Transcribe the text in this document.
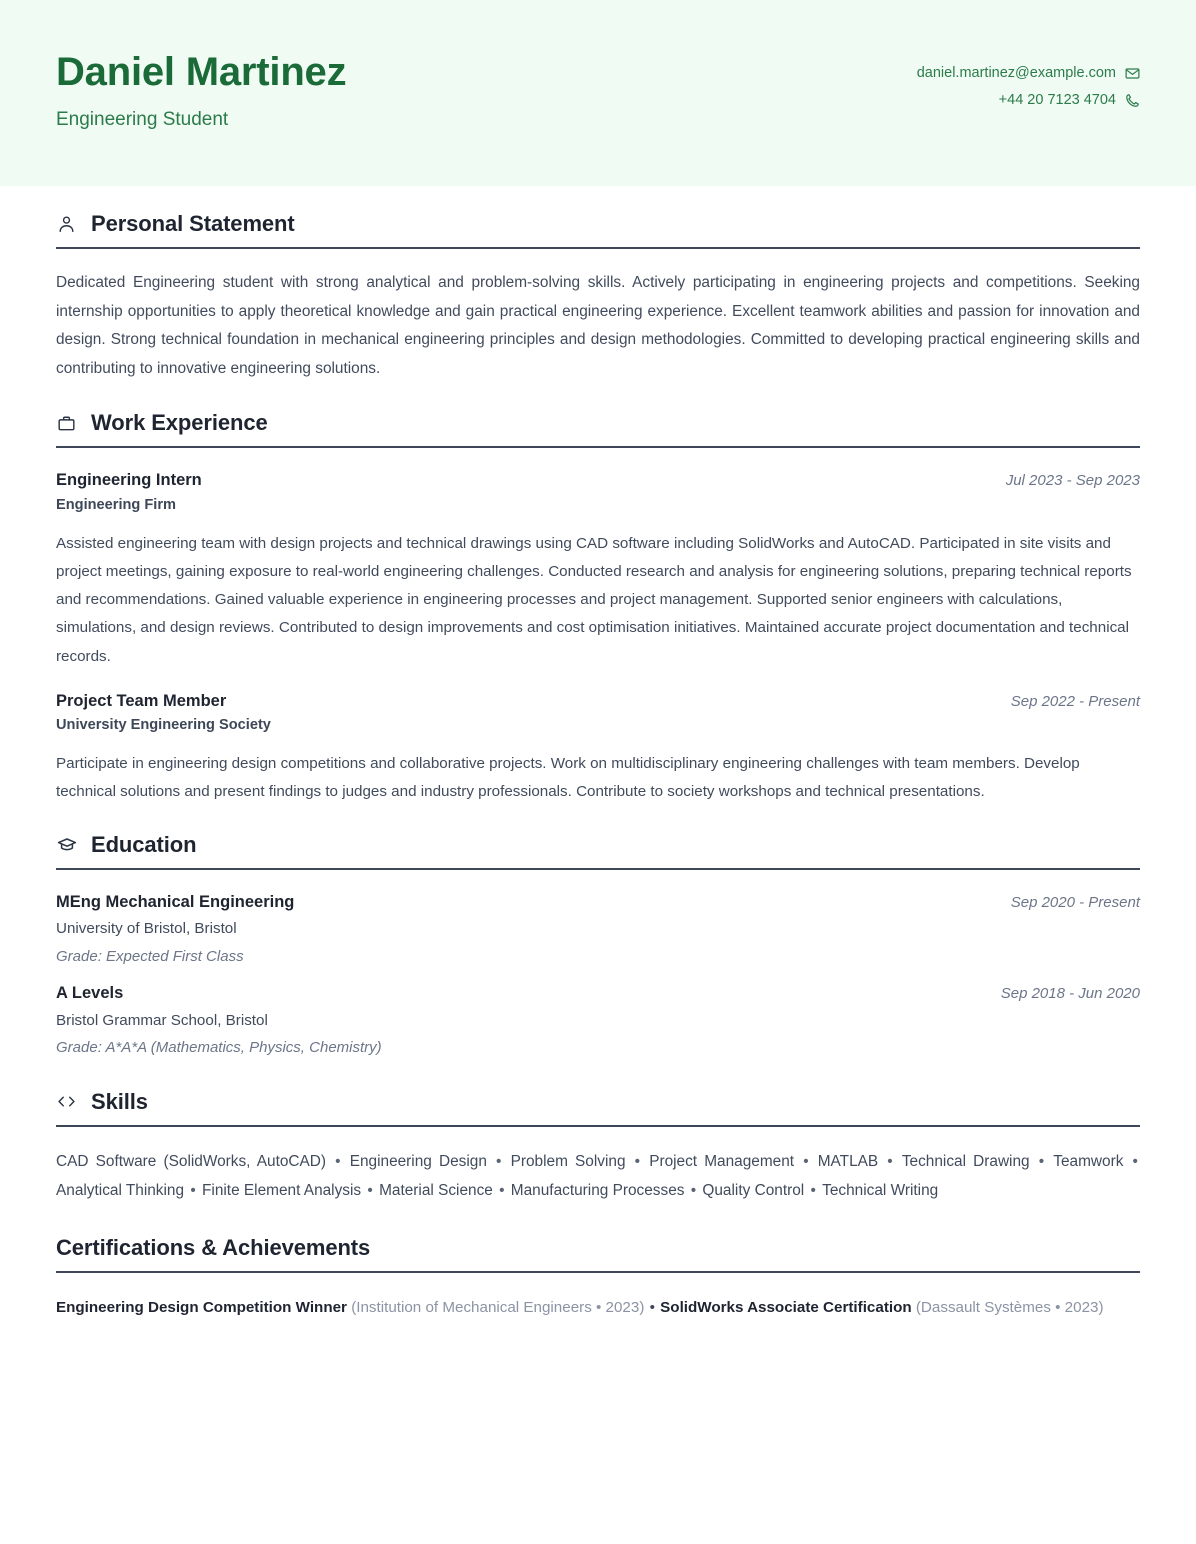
Daniel Martinez
Engineering Student
daniel.martinez@example.com
+44 20 7123 4704
Personal Statement

Dedicated Engineering student with strong analytical and problem-solving skills. Actively participating in engineering projects and competitions. Seeking internship opportunities to apply theoretical knowledge and gain practical engineering experience. Excellent teamwork abilities and passion for innovation and design. Strong technical foundation in mechanical engineering principles and design methodologies. Committed to developing practical engineering skills and contributing to innovative engineering solutions.

Work Experience
Engineering Intern	Jul 2023 - Sep 2023
Engineering Firm

Assisted engineering team with design projects and technical drawings using CAD software including SolidWorks and AutoCAD. Participated in site visits and project meetings, gaining exposure to real-world engineering challenges. Conducted research and analysis for engineering solutions, preparing technical reports and recommendations. Gained valuable experience in engineering processes and project management. Supported senior engineers with calculations, simulations, and design reviews. Contributed to design improvements and cost optimisation initiatives. Maintained accurate project documentation and technical records.

Project Team Member	Sep 2022 - Present
University Engineering Society

Participate in engineering design competitions and collaborative projects. Work on multidisciplinary engineering challenges with team members. Develop technical solutions and present findings to judges and industry professionals. Contribute to society workshops and technical presentations.

Education
MEng Mechanical Engineering	Sep 2020 - Present
University of Bristol, Bristol
Grade: Expected First Class
A Levels	Sep 2018 - Jun 2020
Bristol Grammar School, Bristol
Grade: A*A*A (Mathematics, Physics, Chemistry)
Skills

CAD Software (SolidWorks, AutoCAD) • Engineering Design • Problem Solving • Project Management • MATLAB • Technical Drawing • Teamwork • Analytical Thinking • Finite Element Analysis • Material Science • Manufacturing Processes • Quality Control • Technical Writing

Certifications & Achievements

Engineering Design Competition Winner (Institution of Mechanical Engineers • 2023) • SolidWorks Associate Certification (Dassault Systèmes • 2023)
